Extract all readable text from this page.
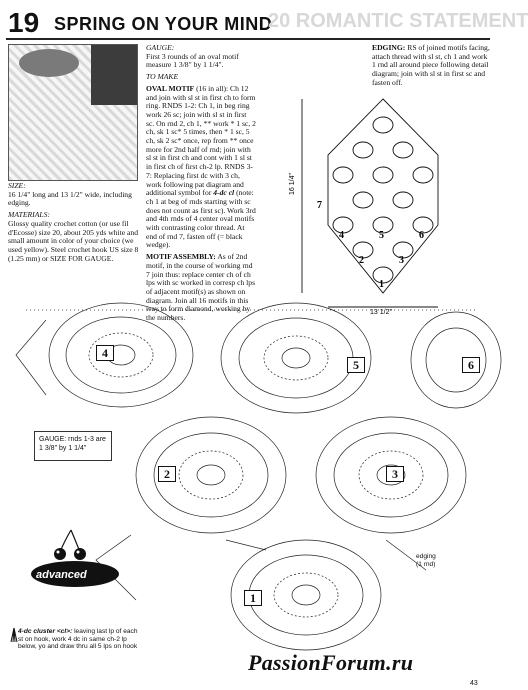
19 SPRING ON YOUR MIND
20 ROMANTIC STATEMENT

SIZE:
16 1/4" long and 13 1/2" wide, including edging.

MATERIALS:
Glossy quality crochet cotton (or use fil d'Ecosse) size 20, about 205 yds white and small amount in color of your choice (we used yellow). Steel crochet hook US size 8 (1.25 mm) or SIZE FOR GAUGE.

GAUGE:
First 3 rounds of an oval motif measure 1 3/8" by 1 1/4".

TO MAKE

OVAL MOTIF (16 in all): Ch 12 and join with sl st in first ch to form ring. RNDS 1-2: Ch 1, in beg ring work 26 sc; join with sl st in first sc. On rnd 2, ch 1, ** work * 1 sc, 2 ch, sk 1 sc* 5 times, then * 1 sc, 5 ch, sk 2 sc* once, rep from ** once more for 2nd half of rnd; join with sl st in first ch and cont with 1 sl st in first ch of first ch-2 lp. RNDS 3-7: Replacing first dc with 3 ch, work following pat diagram and additional symbol for 4-dc cl (note: ch 1 at beg of rnds starting with sc does not count as first sc). Work 3rd and 4th rnds of 4 center oval motifs with contrasting color thread. At end of rnd 7, fasten off (= black wedge).

MOTIF ASSEMBLY: As of 2nd motif, in the course of working rnd 7 join thus: replace center ch of ch lps with sc worked in corresp ch lps of adjacent motif(s) as shown on diagram. Join all 16 motifs in this way to form diamond, working by the numbers.

EDGING: RS of joined motifs facing, attach thread with sl st, ch 1 and work 1 rnd all around piece following detail diagram; join with sl st in first sc and fasten off.

16 1/4"
13 1/2"
1
2	3
4	5	6
7
4
5	6
2	3
1
GAUGE: rnds 1-3 are 1 3/8" by 1 1/4"
edging
(1 rnd)
advanced
4-dc cluster <cl>: leaving last lp of each st on hook, work 4 dc in same ch-2 lp below, yo and draw thru all 5 lps on hook
PassionForum.ru
43
